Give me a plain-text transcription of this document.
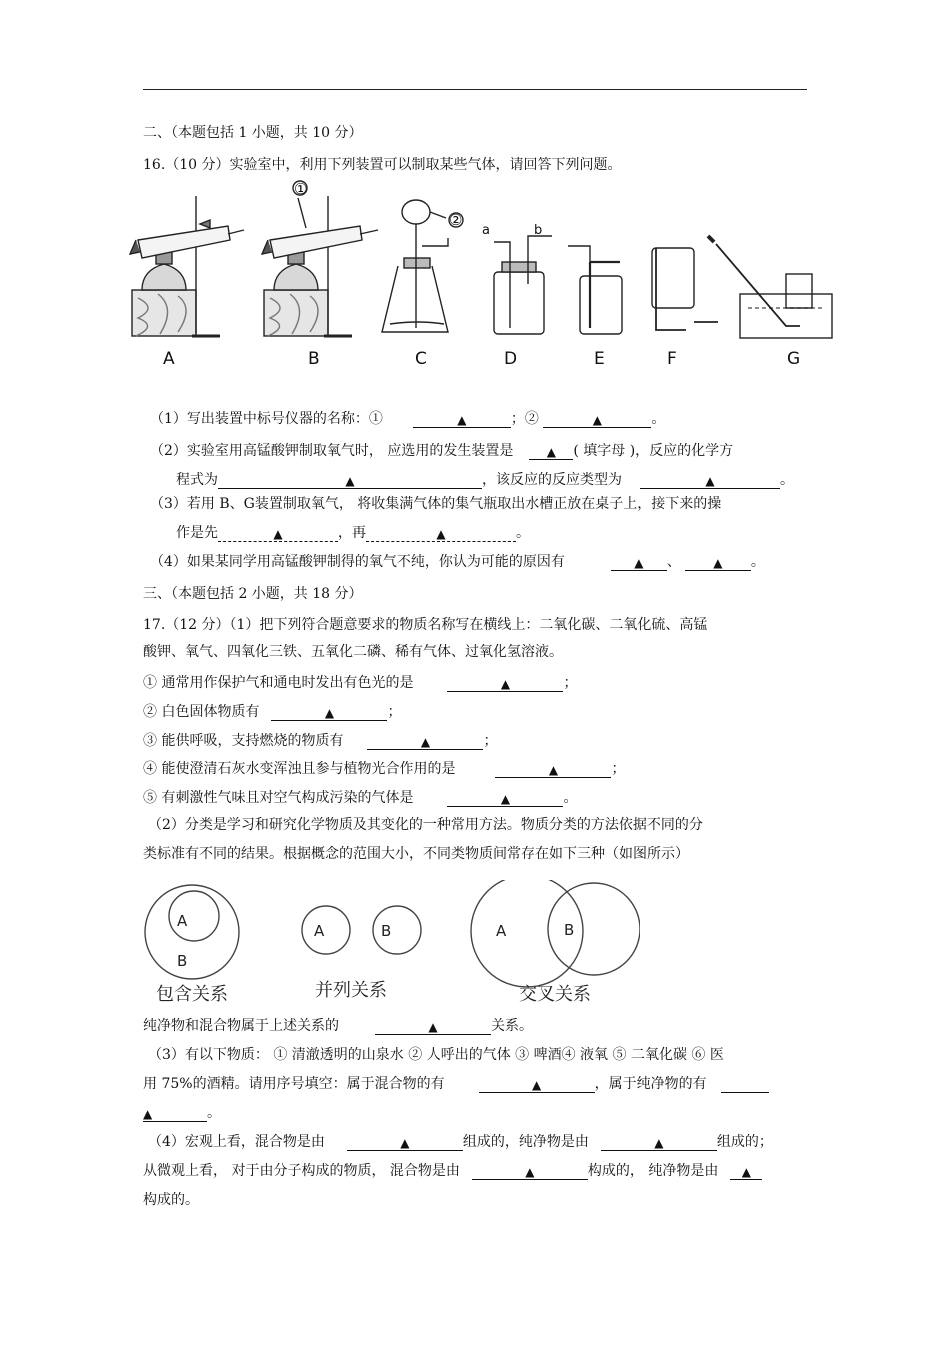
二、（本题包括 1 小题，共 10 分）
16.（10 分）实验室中，利用下列装置可以制取某些气体，请回答下列问题。
①
②
a	b
A	B	C	D	E	F	G
（1）写出装置中标号仪器的名称：①	▲	；②	▲	。
（2）实验室用高锰酸钾制取氧气时， 应选用的发生装置是	▲ ( 填字母 )，反应的化学方
程式为	▲	，该反应的反应类型为	▲	。
（3）若用 B、G装置制取氧气， 将收集满气体的集气瓶取出水槽正放在桌子上，接下来的操
作是先	▲	，再	▲	。
（4）如果某同学用高锰酸钾制得的氧气不纯，你认为可能的原因有	▲ 、	▲ 。
三、（本题包括 2 小题，共 18 分）
17.（12 分）（1）把下列符合题意要求的物质名称写在横线上：二氧化碳、二氧化硫、高锰
酸钾、氧气、四氧化三铁、五氧化二磷、稀有气体、过氧化氢溶液。
① 通常用作保护气和通电时发出有色光的是	▲	；
② 白色固体物质有	▲	；
③ 能供呼吸，支持燃烧的物质有	▲	；
④ 能使澄清石灰水变浑浊且参与植物光合作用的是	▲	；
⑤ 有刺激性气味且对空气构成污染的气体是	▲	。
（2）分类是学习和研究化学物质及其变化的一种常用方法。物质分类的方法依据不同的分
类标准有不同的结果。根据概念的范围大小，不同类物质间常存在如下三种（如图所示）
A
B
A	B	A	B
包含关系	并列关系	交叉关系
纯净物和混合物属于上述关系的	▲	关系。
（3）有以下物质： ① 清澈透明的山泉水 ② 人呼出的气体 ③ 啤酒④ 液氧 ⑤ 二氧化碳 ⑥ 医
用 75%的酒精。请用序号填空：属于混合物的有	▲	，属于纯净物的有
▲	。
（4）宏观上看，混合物是由	▲	组成的，纯净物是由	▲	组成的；
从微观上看， 对于由分子构成的物质， 混合物是由	▲	构成的， 纯净物是由 ▲
构成的。
